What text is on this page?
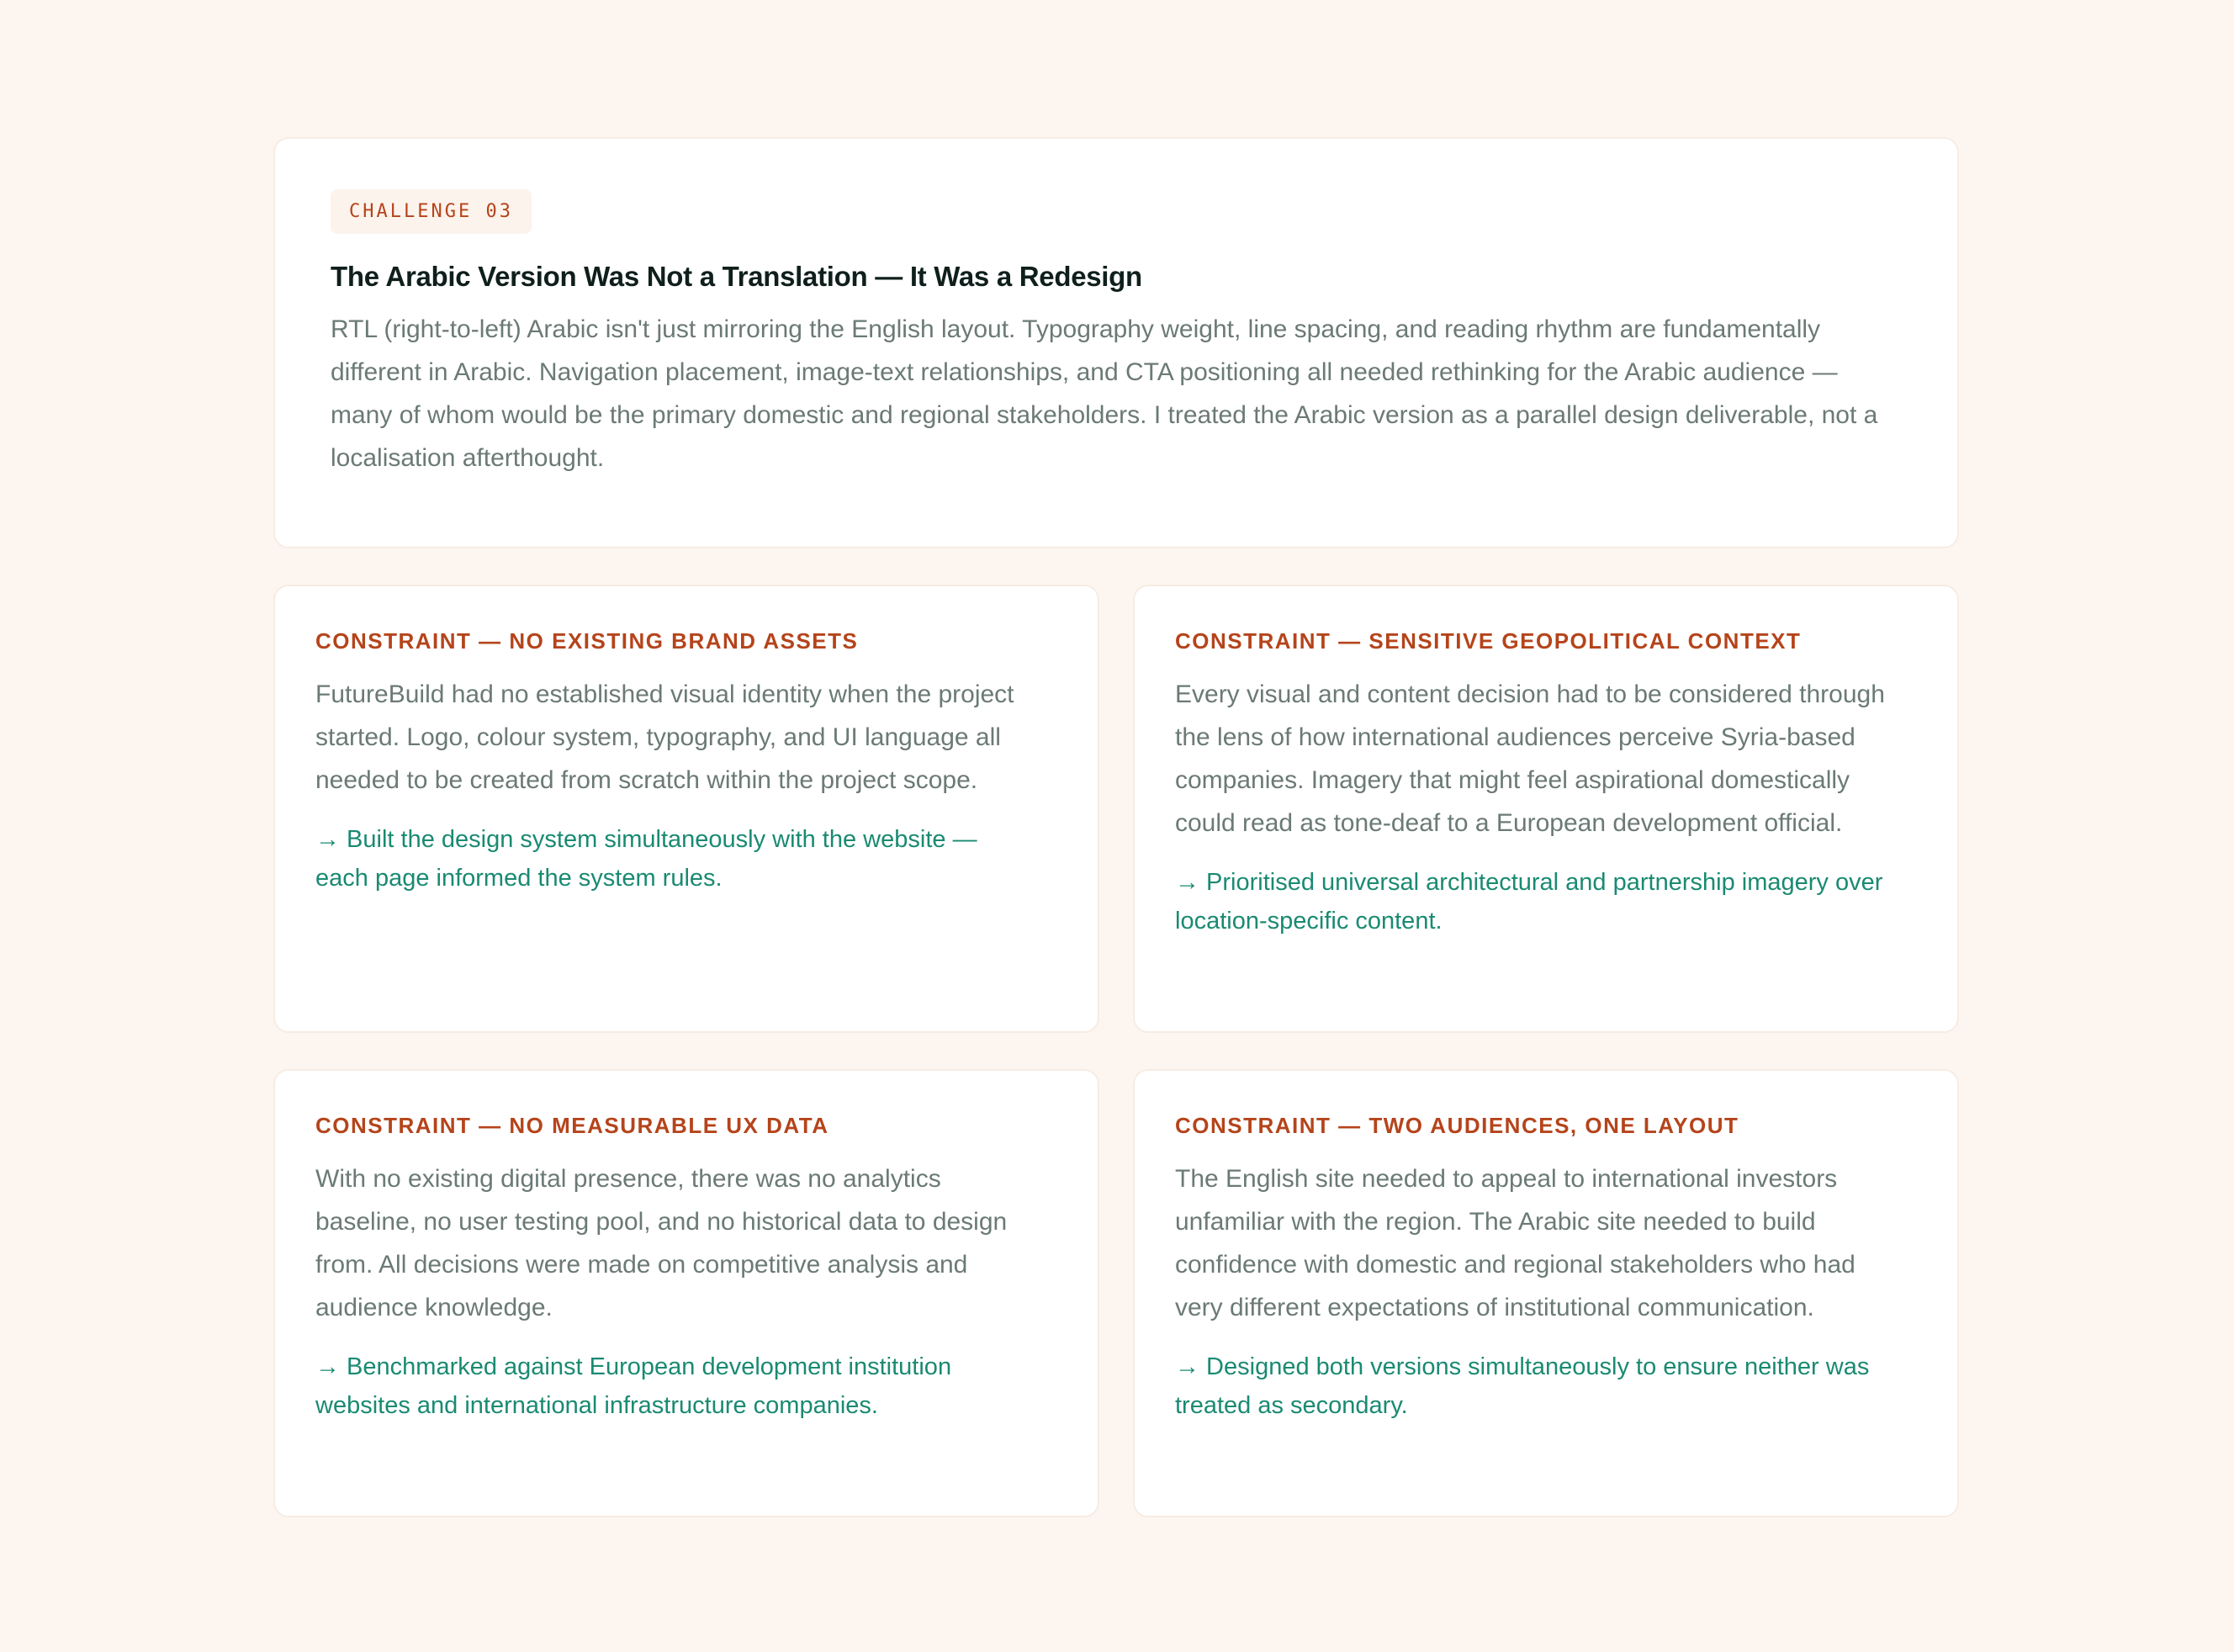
CHALLENGE 03
The Arabic Version Was Not a Translation — It Was a Redesign
RTL (right-to-left) Arabic isn't just mirroring the English layout. Typography weight, line spacing, and reading rhythm are fundamentally different in Arabic. Navigation placement, image-text relationships, and CTA positioning all needed rethinking for the Arabic audience — many of whom would be the primary domestic and regional stakeholders. I treated the Arabic version as a parallel design deliverable, not a localisation afterthought.
CONSTRAINT — NO EXISTING BRAND ASSETS
FutureBuild had no established visual identity when the project started. Logo, colour system, typography, and UI language all needed to be created from scratch within the project scope.
→ Built the design system simultaneously with the website — each page informed the system rules.
CONSTRAINT — SENSITIVE GEOPOLITICAL CONTEXT
Every visual and content decision had to be considered through the lens of how international audiences perceive Syria-based companies. Imagery that might feel aspirational domestically could read as tone-deaf to a European development official.
→ Prioritised universal architectural and partnership imagery over location-specific content.
CONSTRAINT — NO MEASURABLE UX DATA
With no existing digital presence, there was no analytics baseline, no user testing pool, and no historical data to design from. All decisions were made on competitive analysis and audience knowledge.
→ Benchmarked against European development institution websites and international infrastructure companies.
CONSTRAINT — TWO AUDIENCES, ONE LAYOUT
The English site needed to appeal to international investors unfamiliar with the region. The Arabic site needed to build confidence with domestic and regional stakeholders who had very different expectations of institutional communication.
→ Designed both versions simultaneously to ensure neither was treated as secondary.
